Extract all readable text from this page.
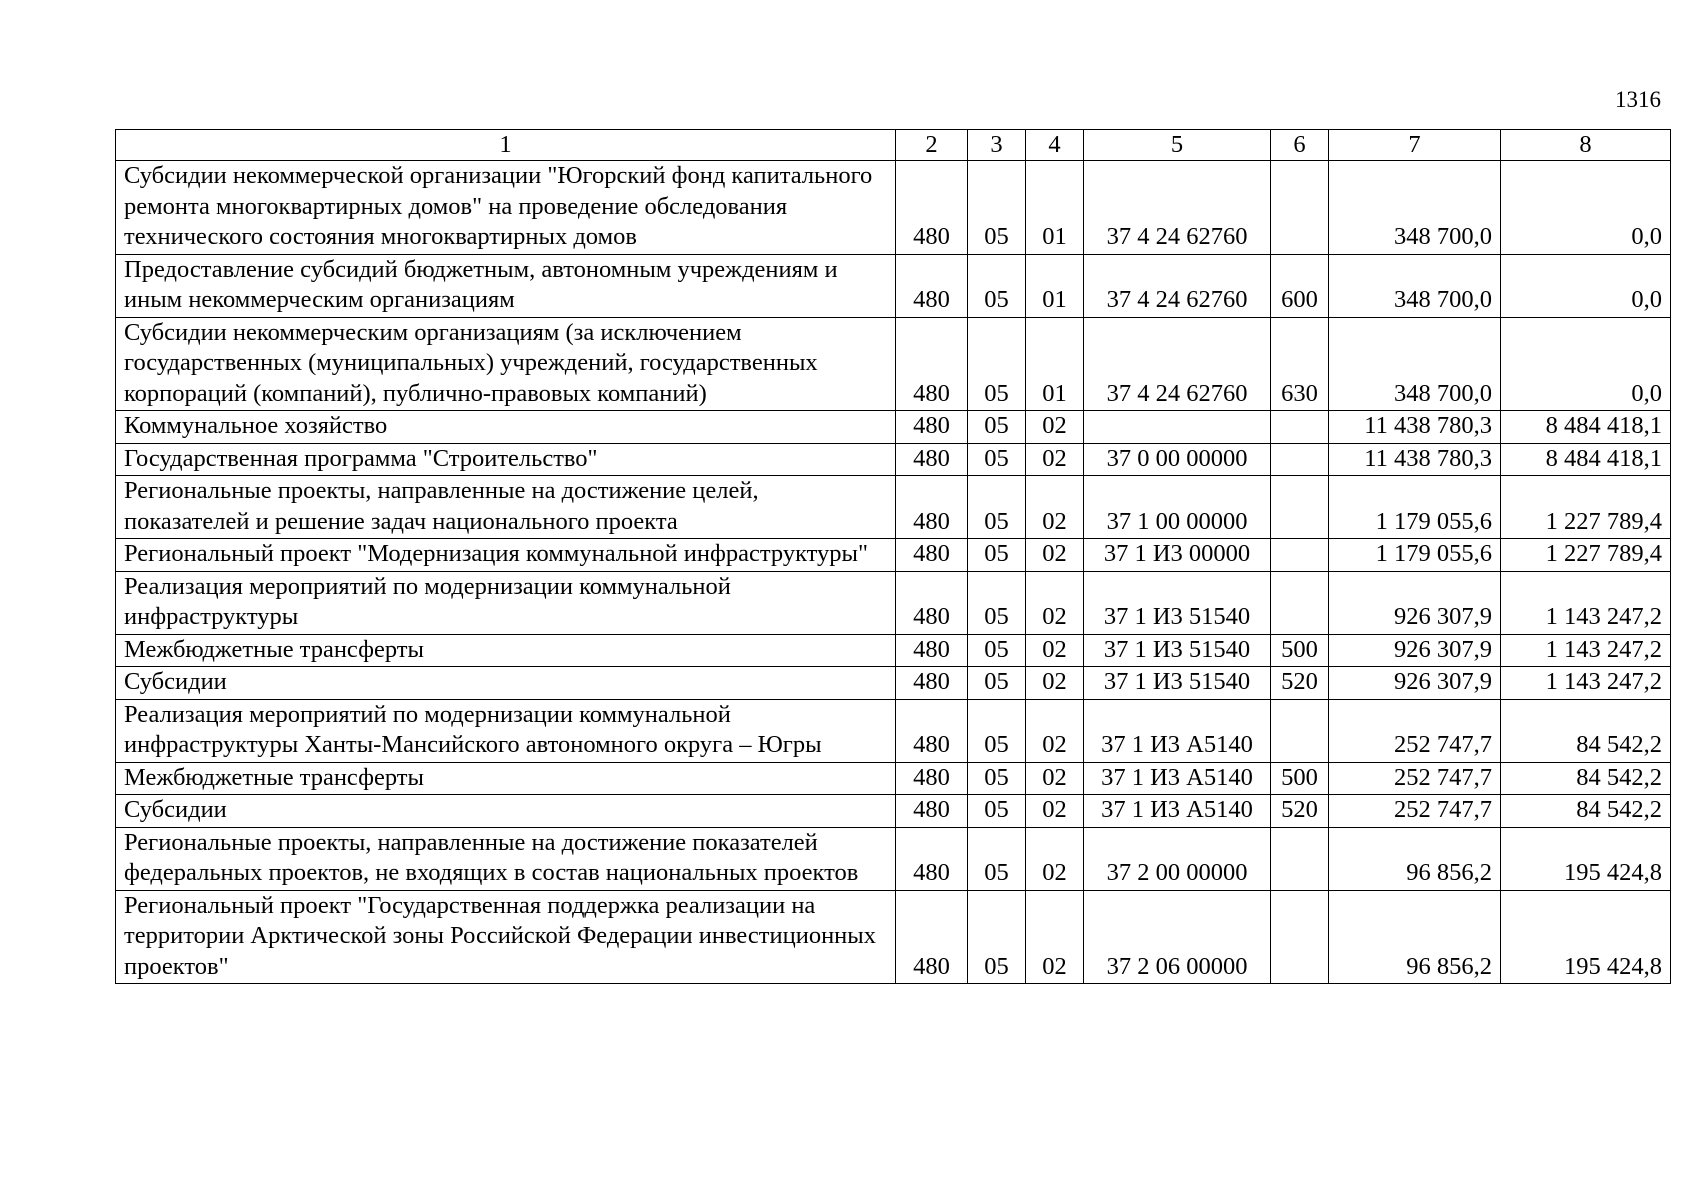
1316
1	2	3	4	5	6	7	8
Субсидии некоммерческой организации "Югорский фонд капитального ремонта многоквартирных домов" на проведение обследования технического состояния многоквартирных домов	480	05	01	37 4 24 62760		348 700,0	0,0
Предоставление субсидий бюджетным, автономным учреждениям и иным некоммерческим организациям	480	05	01	37 4 24 62760	600	348 700,0	0,0
Субсидии некоммерческим организациям (за исключением государственных (муниципальных) учреждений, государственных корпораций (компаний), публично-правовых компаний)	480	05	01	37 4 24 62760	630	348 700,0	0,0
Коммунальное хозяйство	480	05	02			11 438 780,3	8 484 418,1
Государственная программа "Строительство"	480	05	02	37 0 00 00000		11 438 780,3	8 484 418,1
Региональные проекты, направленные на достижение целей, показателей и решение задач национального проекта	480	05	02	37 1 00 00000		1 179 055,6	1 227 789,4
Региональный проект "Модернизация коммунальной инфраструктуры"	480	05	02	37 1 И3 00000		1 179 055,6	1 227 789,4
Реализация мероприятий по модернизации коммунальной инфраструктуры	480	05	02	37 1 И3 51540		926 307,9	1 143 247,2
Межбюджетные трансферты	480	05	02	37 1 И3 51540	500	926 307,9	1 143 247,2
Субсидии	480	05	02	37 1 И3 51540	520	926 307,9	1 143 247,2
Реализация мероприятий по модернизации коммунальной инфраструктуры Ханты-Мансийского автономного округа – Югры	480	05	02	37 1 И3 А5140		252 747,7	84 542,2
Межбюджетные трансферты	480	05	02	37 1 И3 А5140	500	252 747,7	84 542,2
Субсидии	480	05	02	37 1 И3 А5140	520	252 747,7	84 542,2
Региональные проекты, направленные на достижение показателей федеральных проектов, не входящих в состав национальных проектов	480	05	02	37 2 00 00000		96 856,2	195 424,8
Региональный проект "Государственная поддержка реализации на территории Арктической зоны Российской Федерации инвестиционных проектов"	480	05	02	37 2 06 00000		96 856,2	195 424,8
